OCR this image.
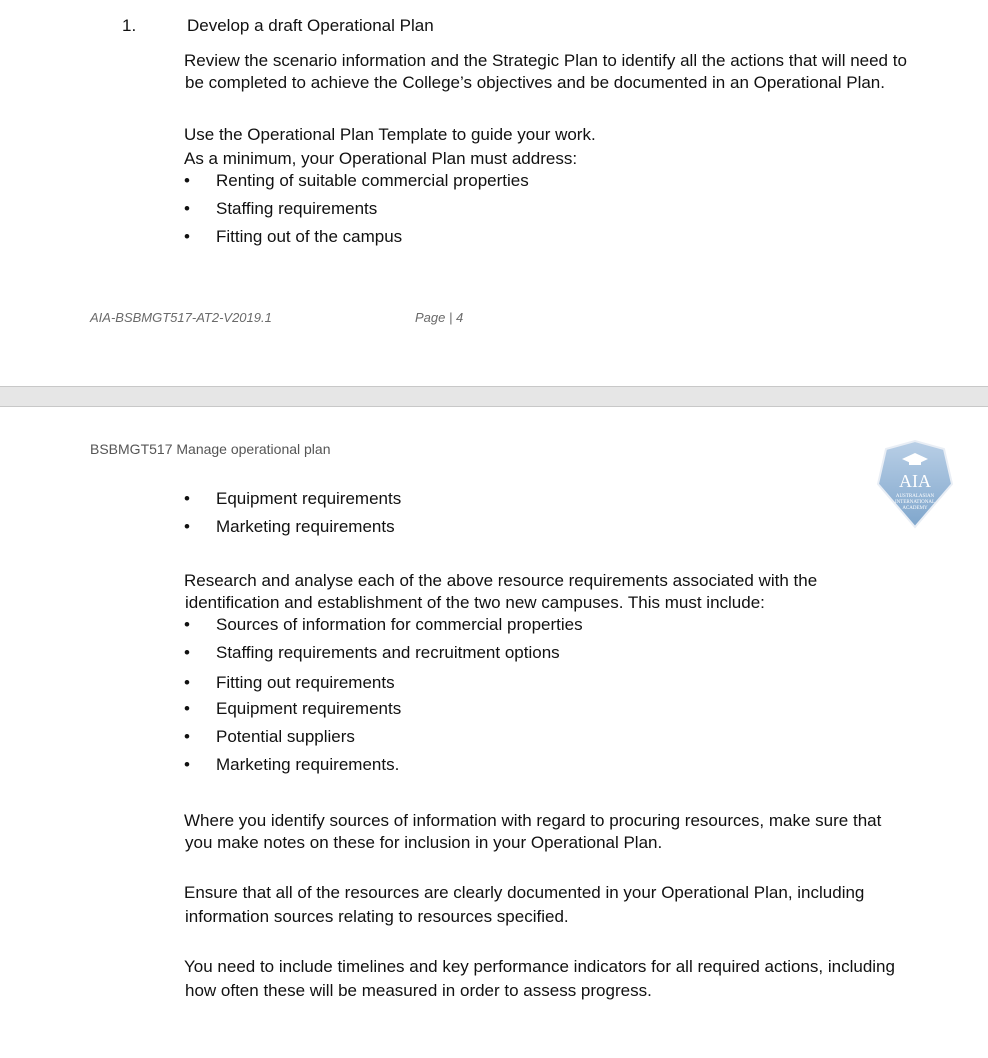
1.	Develop a draft Operational Plan
Review the scenario information and the Strategic Plan to identify all the actions that will need to
be completed to achieve the College’s objectives and be documented in an Operational Plan.
Use the Operational Plan Template to guide your work.
As a minimum, your Operational Plan must address:
• Renting of suitable commercial properties
• Staffing requirements
• Fitting out of the campus
AIA-BSBMGT517-AT2-V2019.1	Page | 4
BSBMGT517 Manage operational plan
AIA
AUSTRALASIAN
INTERNATIONAL
ACADEMY
• Equipment requirements
• Marketing requirements
Research and analyse each of the above resource requirements associated with the
identification and establishment of the two new campuses. This must include:
• Sources of information for commercial properties
• Staffing requirements and recruitment options
• Fitting out requirements
• Equipment requirements
• Potential suppliers
• Marketing requirements.
Where you identify sources of information with regard to procuring resources, make sure that
you make notes on these for inclusion in your Operational Plan.
Ensure that all of the resources are clearly documented in your Operational Plan, including
information sources relating to resources specified.
You need to include timelines and key performance indicators for all required actions, including
how often these will be measured in order to assess progress.
